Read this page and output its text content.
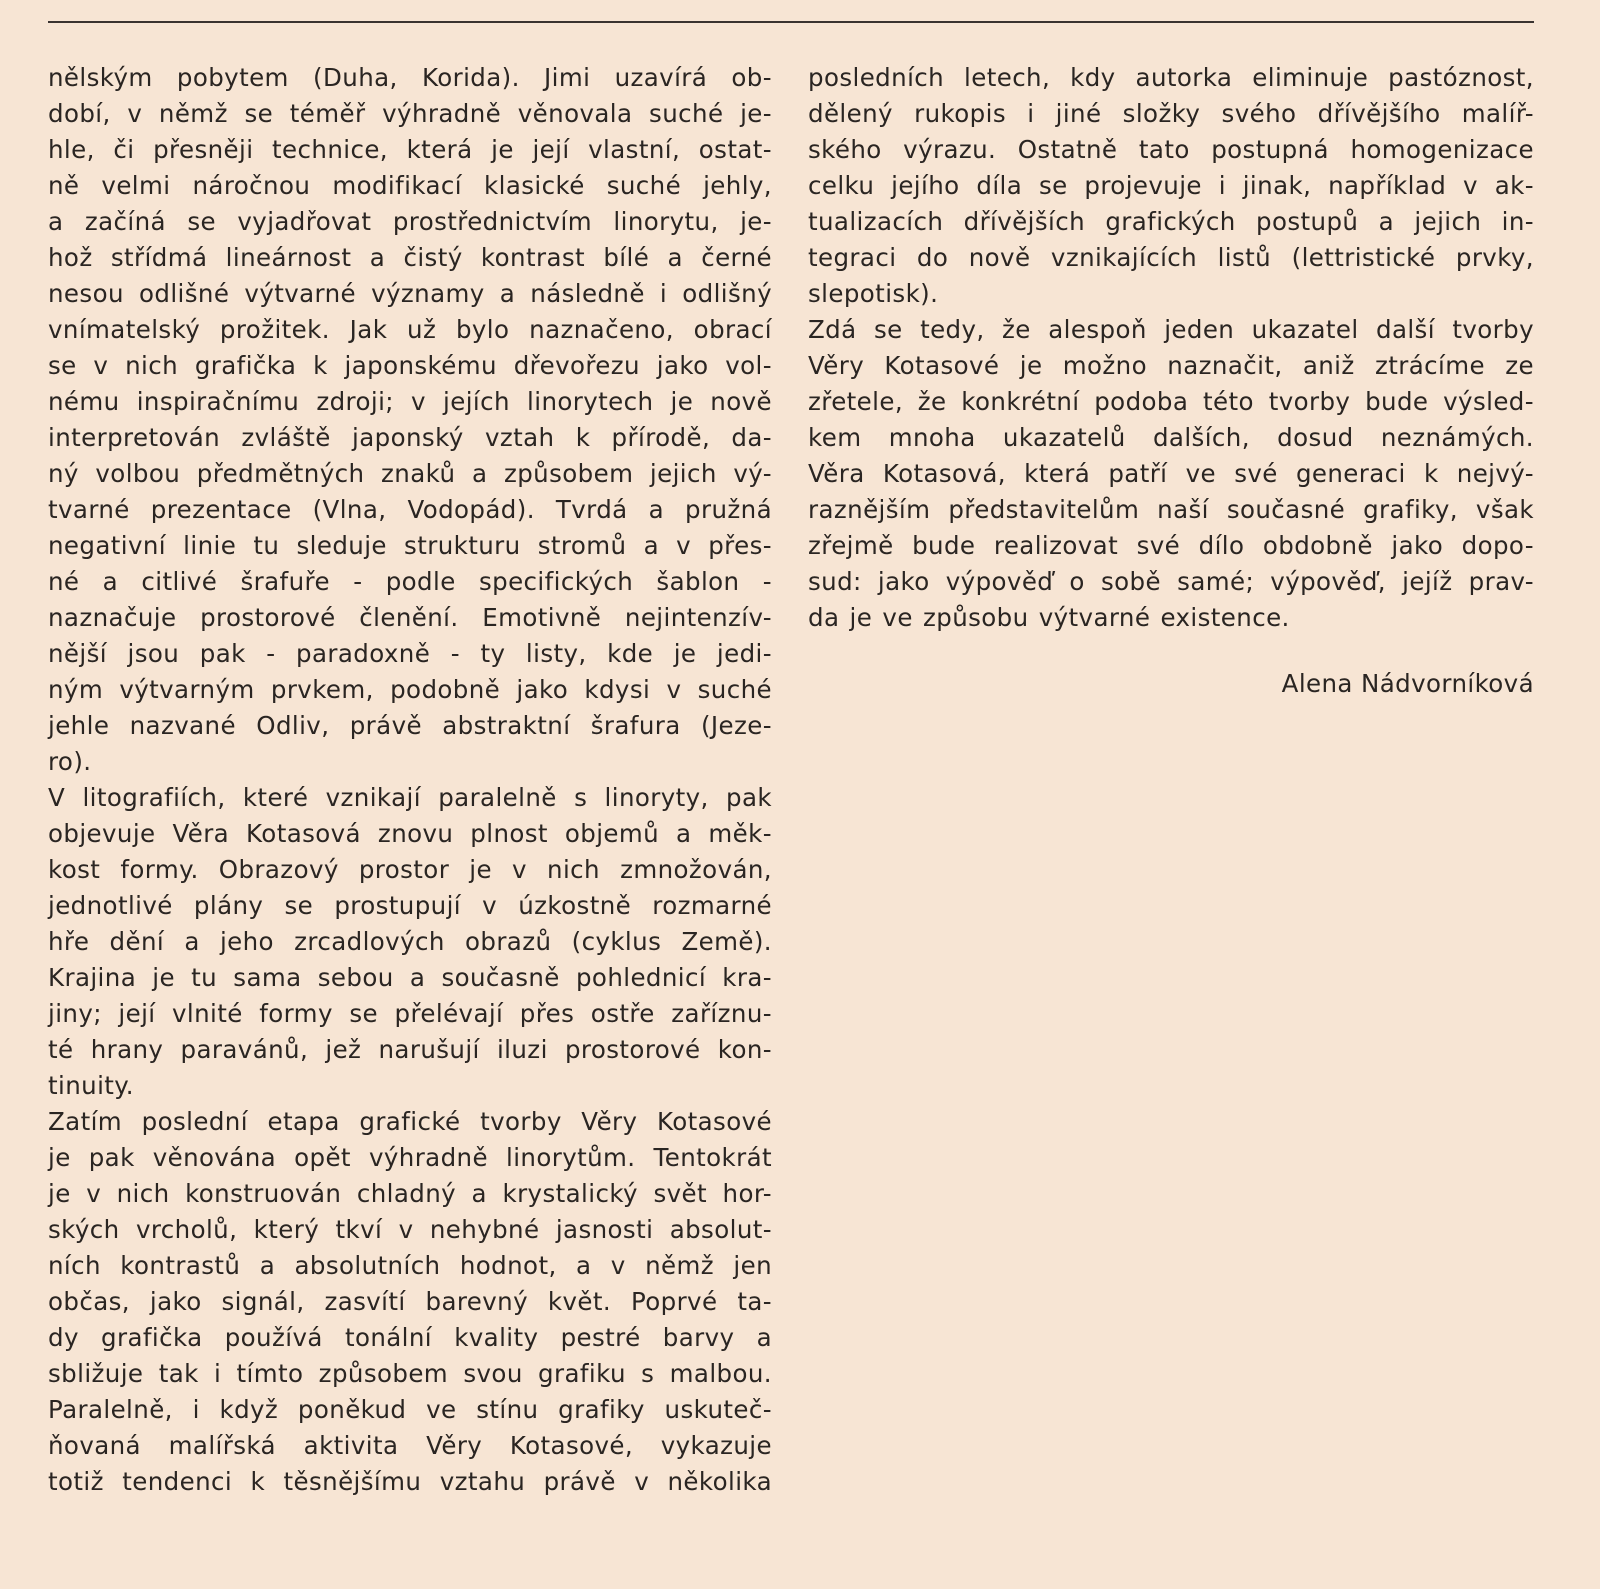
nělským pobytem (Duha, Korida). Jimi uzavírá ob-
dobí, v němž se téměř výhradně věnovala suché je-
hle, či přesněji technice, která je její vlastní, ostat-
ně velmi náročnou modifikací klasické suché jehly,
a začíná se vyjadřovat prostřednictvím linorytu, je-
hož střídmá lineárnost a čistý kontrast bílé a černé
nesou odlišné výtvarné významy a následně i odlišný
vnímatelský prožitek. Jak už bylo naznačeno, obrací
se v nich grafička k japonskému dřevořezu jako vol-
nému inspiračnímu zdroji; v jejích linorytech je nově
interpretován zvláště japonský vztah k přírodě, da-
ný volbou předmětných znaků a způsobem jejich vý-
tvarné prezentace (Vlna, Vodopád). Tvrdá a pružná
negativní linie tu sleduje strukturu stromů a v přes-
né a citlivé šrafuře - podle specifických šablon -
naznačuje prostorové členění. Emotivně nejintenzív-
nější jsou pak - paradoxně - ty listy, kde je jedi-
ným výtvarným prvkem, podobně jako kdysi v suché
jehle nazvané Odliv, právě abstraktní šrafura (Jeze-
ro).
V litografiích, které vznikají paralelně s linoryty, pak
objevuje Věra Kotasová znovu plnost objemů a měk-
kost formy. Obrazový prostor je v nich zmnožován,
jednotlivé plány se prostupují v úzkostně rozmarné
hře dění a jeho zrcadlových obrazů (cyklus Země).
Krajina je tu sama sebou a současně pohlednicí kra-
jiny; její vlnité formy se přelévají přes ostře zaříznu-
té hrany paravánů, jež narušují iluzi prostorové kon-
tinuity.
Zatím poslední etapa grafické tvorby Věry Kotasové
je pak věnována opět výhradně linorytům. Tentokrát
je v nich konstruován chladný a krystalický svět hor-
ských vrcholů, který tkví v nehybné jasnosti absolut-
ních kontrastů a absolutních hodnot, a v němž jen
občas, jako signál, zasvítí barevný květ. Poprvé ta-
dy grafička používá tonální kvality pestré barvy a
sbližuje tak i tímto způsobem svou grafiku s malbou.
Paralelně, i když poněkud ve stínu grafiky uskuteč-
ňovaná malířská aktivita Věry Kotasové, vykazuje
totiž tendenci k těsnějšímu vztahu právě v několika
posledních letech, kdy autorka eliminuje pastóznost,
dělený rukopis i jiné složky svého dřívějšího malíř-
ského výrazu. Ostatně tato postupná homogenizace
celku jejího díla se projevuje i jinak, například v ak-
tualizacích dřívějších grafických postupů a jejich in-
tegraci do nově vznikajících listů (lettristické prvky,
slepotisk).
Zdá se tedy, že alespoň jeden ukazatel další tvorby
Věry Kotasové je možno naznačit, aniž ztrácíme ze
zřetele, že konkrétní podoba této tvorby bude výsled-
kem mnoha ukazatelů dalších, dosud neznámých.
Věra Kotasová, která patří ve své generaci k nejvý-
raznějším představitelům naší současné grafiky, však
zřejmě bude realizovat své dílo obdobně jako dopo-
sud: jako výpověď o sobě samé; výpověď, jejíž prav-
da je ve způsobu výtvarné existence.
Alena Nádvorníková
